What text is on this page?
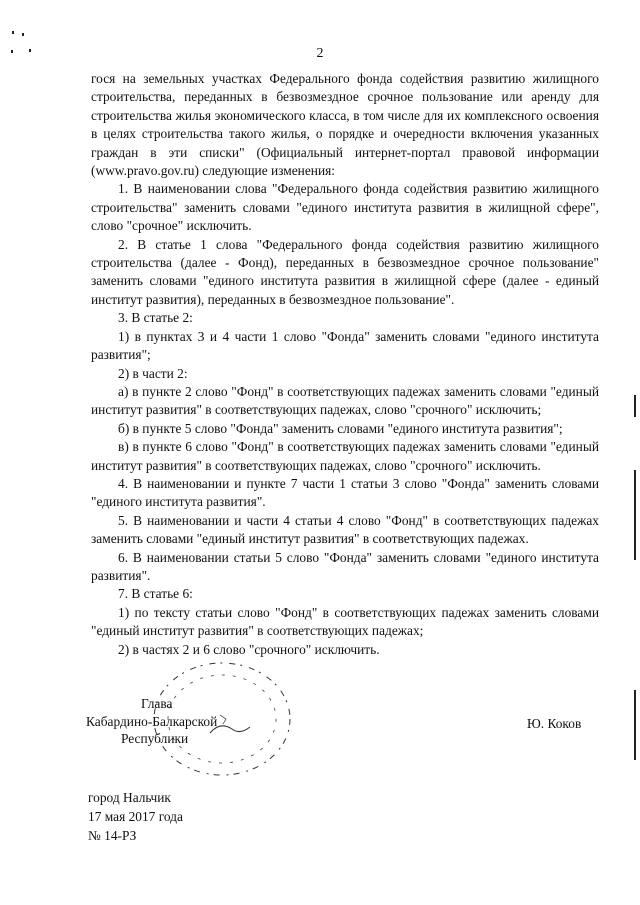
2

гося на земельных участках Федерального фонда содействия развитию жилищного строительства, переданных в безвозмездное срочное пользование или аренду для строительства жилья экономического класса, в том числе для их комплексного освоения в целях строительства такого жилья, о порядке и очередности включения указанных граждан в эти списки" (Официальный интернет-портал правовой информации (www.pravo.gov.ru) следующие изменения:

1. В наименовании слова "Федерального фонда содействия развитию жилищного строительства" заменить словами "единого института развития в жилищной сфере", слово "срочное" исключить.

2. В статье 1 слова "Федерального фонда содействия развитию жилищного строительства (далее - Фонд), переданных в безвозмездное срочное пользование" заменить словами "единого института развития в жилищной сфере (далее - единый институт развития), переданных в безвозмездное пользование".

3. В статье 2:

1) в пунктах 3 и 4 части 1 слово "Фонда" заменить словами "единого института развития";

2) в части 2:

а) в пункте 2 слово "Фонд" в соответствующих падежах заменить словами "единый институт развития" в соответствующих падежах, слово "срочного" исключить;

б) в пункте 5 слово "Фонда" заменить словами "единого института развития";

в) в пункте 6 слово "Фонд" в соответствующих падежах заменить словами "единый институт развития" в соответствующих падежах, слово "срочного" исключить.

4. В наименовании и пункте 7 части 1 статьи 3 слово "Фонда" заменить словами "единого института развития".

5. В наименовании и части 4 статьи 4 слово "Фонд" в соответствующих падежах заменить словами "единый институт развития" в соответствующих падежах.

6. В наименовании статьи 5 слово "Фонда" заменить словами "единого института развития".

7. В статье 6:

1) по тексту статьи слово "Фонд" в соответствующих падежах заменить словами "единый институт развития" в соответствующих падежах;

2) в частях 2 и 6 слово "срочного" исключить.

Глава
Кабардино-Балкарской
Республики
Ю. Коков
город Нальчик
17 мая 2017 года
№ 14-РЗ
